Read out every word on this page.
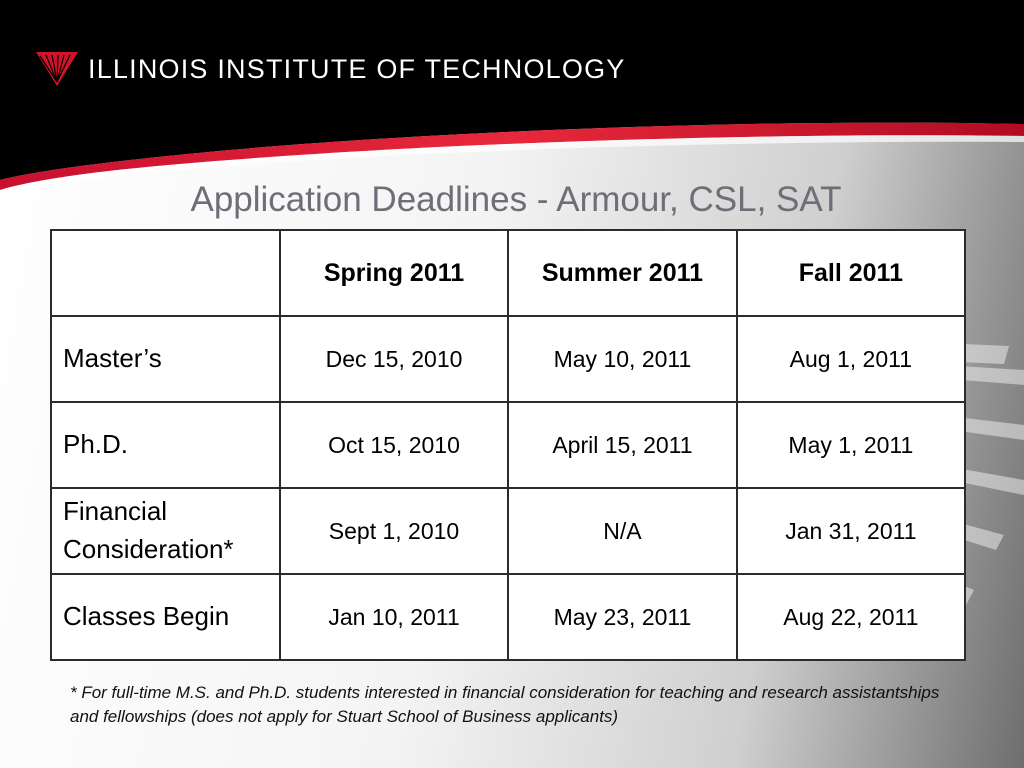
ILLINOIS INSTITUTE OF TECHNOLOGY
Application Deadlines - Armour, CSL, SAT
	Spring 2011	Summer 2011	Fall 2011
Master’s	Dec 15, 2010	May 10, 2011	Aug 1, 2011
Ph.D.	Oct 15, 2010	April 15, 2011	May 1, 2011
Financial Consideration*	Sept 1, 2010	N/A	Jan 31, 2011
Classes Begin	Jan 10, 2011	May 23, 2011	Aug 22, 2011
* For full-time M.S. and Ph.D. students interested in financial consideration for teaching and research assistantships and fellowships (does not apply for Stuart School of Business applicants)
